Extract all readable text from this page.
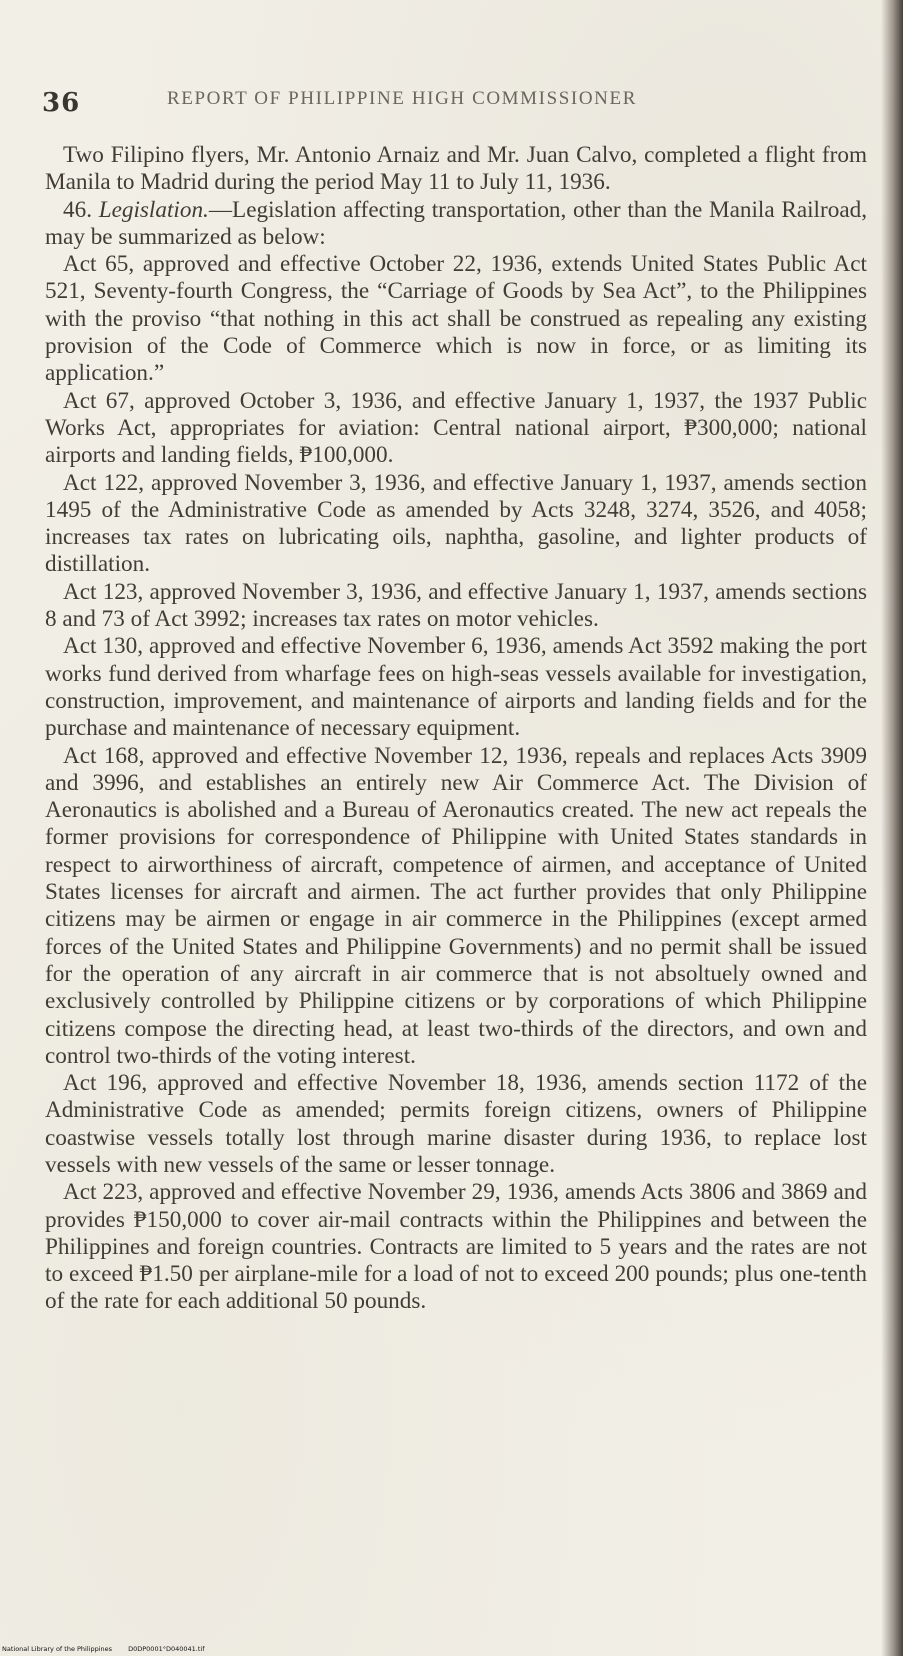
36	REPORT OF PHILIPPINE HIGH COMMISSIONER

Two Filipino flyers, Mr. Antonio Arnaiz and Mr. Juan Calvo, completed a flight from Manila to Madrid during the period May 11 to July 11, 1936.

46. Legislation.—Legislation affecting transportation, other than the Manila Railroad, may be summarized as below:

Act 65, approved and effective October 22, 1936, extends United States Public Act 521, Seventy-fourth Congress, the “Carriage of Goods by Sea Act”, to the Philippines with the proviso “that nothing in this act shall be construed as repealing any existing provision of the Code of Commerce which is now in force, or as limiting its application.”

Act 67, approved October 3, 1936, and effective January 1, 1937, the 1937 Public Works Act, appropriates for aviation: Central national airport, ₱300,000; national airports and landing fields, ₱100,000.

Act 122, approved November 3, 1936, and effective January 1, 1937, amends section 1495 of the Administrative Code as amended by Acts 3248, 3274, 3526, and 4058; increases tax rates on lubricating oils, naphtha, gasoline, and lighter products of distillation.

Act 123, approved November 3, 1936, and effective January 1, 1937, amends sections 8 and 73 of Act 3992; increases tax rates on motor vehicles.

Act 130, approved and effective November 6, 1936, amends Act 3592 making the port works fund derived from wharfage fees on high-seas vessels available for investigation, construction, improvement, and maintenance of airports and landing fields and for the purchase and maintenance of necessary equipment.

Act 168, approved and effective November 12, 1936, repeals and replaces Acts 3909 and 3996, and establishes an entirely new Air Commerce Act. The Division of Aeronautics is abolished and a Bureau of Aeronautics created. The new act repeals the former provisions for correspondence of Philippine with United States standards in respect to airworthiness of aircraft, competence of airmen, and acceptance of United States licenses for aircraft and airmen. The act further provides that only Philippine citizens may be airmen or engage in air commerce in the Philippines (except armed forces of the United States and Philippine Governments) and no permit shall be issued for the operation of any aircraft in air commerce that is not absoltuely owned and exclusively controlled by Philippine citizens or by corporations of which Philippine citizens compose the directing head, at least two-thirds of the directors, and own and control two-thirds of the voting interest.

Act 196, approved and effective November 18, 1936, amends section 1172 of the Administrative Code as amended; permits foreign citizens, owners of Philippine coastwise vessels totally lost through marine disaster during 1936, to replace lost vessels with new vessels of the same or lesser tonnage.

Act 223, approved and effective November 29, 1936, amends Acts 3806 and 3869 and provides ₱150,000 to cover air-mail contracts within the Philippines and between the Philippines and foreign countries. Contracts are limited to 5 years and the rates are not to exceed ₱1.50 per airplane-mile for a load of not to exceed 200 pounds; plus one-tenth of the rate for each additional 50 pounds.

National Library of the Philippines D0DP0001°D040041.tif
